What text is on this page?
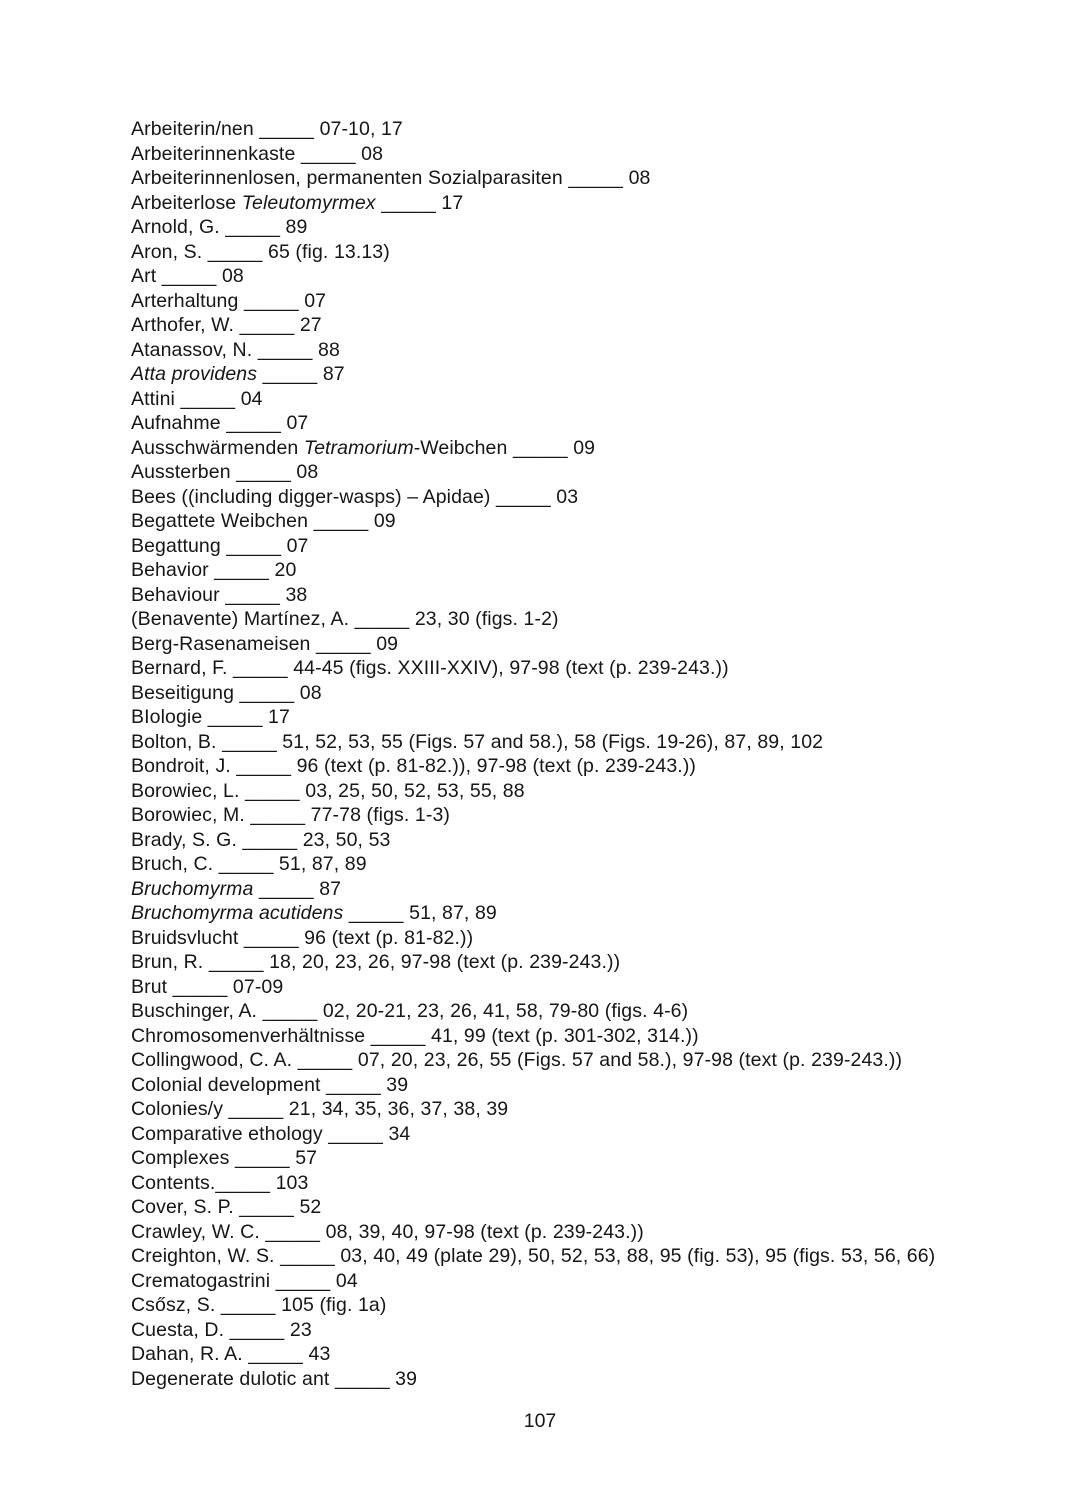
Arbeiterin/nen _____ 07-10, 17
Arbeiterinnenkaste _____ 08
Arbeiterinnenlosen, permanenten Sozialparasiten _____ 08
Arbeiterlose Teleutomyrmex _____ 17
Arnold, G. _____ 89
Aron, S. _____ 65 (fig. 13.13)
Art _____ 08
Arterhaltung _____ 07
Arthofer, W. _____ 27
Atanassov, N. _____ 88
Atta providens _____ 87
Attini _____ 04
Aufnahme _____ 07
Ausschwärmenden Tetramorium-Weibchen _____ 09
Aussterben _____ 08
Bees ((including digger-wasps) – Apidae) _____ 03
Begattete Weibchen _____ 09
Begattung _____ 07
Behavior _____ 20
Behaviour _____ 38
(Benavente) Martínez, A. _____ 23, 30 (figs. 1-2)
Berg-Rasenameisen _____ 09
Bernard, F. _____ 44-45 (figs. XXIII-XXIV), 97-98 (text (p. 239-243.))
Beseitigung _____ 08
BIologie _____ 17
Bolton, B. _____ 51, 52, 53, 55 (Figs. 57 and 58.), 58 (Figs. 19-26), 87, 89, 102
Bondroit, J. _____ 96 (text (p. 81-82.)), 97-98 (text (p. 239-243.))
Borowiec, L. _____ 03, 25, 50, 52, 53, 55, 88
Borowiec, M. _____ 77-78 (figs. 1-3)
Brady, S. G. _____ 23, 50, 53
Bruch, C. _____ 51, 87, 89
Bruchomyrma _____ 87
Bruchomyrma acutidens _____ 51, 87, 89
Bruidsvlucht _____ 96 (text (p. 81-82.))
Brun, R. _____ 18, 20, 23, 26, 97-98 (text (p. 239-243.))
Brut _____ 07-09
Buschinger, A. _____ 02, 20-21, 23, 26, 41, 58, 79-80 (figs. 4-6)
Chromosomenverhältnisse _____ 41, 99 (text (p. 301-302, 314.))
Collingwood, C. A. _____ 07, 20, 23, 26, 55 (Figs. 57 and 58.), 97-98 (text (p. 239-243.))
Colonial development _____ 39
Colonies/y _____ 21, 34, 35, 36, 37, 38, 39
Comparative ethology _____ 34
Complexes _____ 57
Contents._____ 103
Cover, S. P. _____ 52
Crawley, W. C. _____ 08, 39, 40, 97-98 (text (p. 239-243.))
Creighton, W. S. _____ 03, 40, 49 (plate 29), 50, 52, 53, 88, 95 (fig. 53), 95 (figs. 53, 56, 66)
Crematogastrini _____ 04
Csősz, S. _____ 105 (fig. 1a)
Cuesta, D. _____ 23
Dahan, R. A. _____ 43
Degenerate dulotic ant _____ 39
107
